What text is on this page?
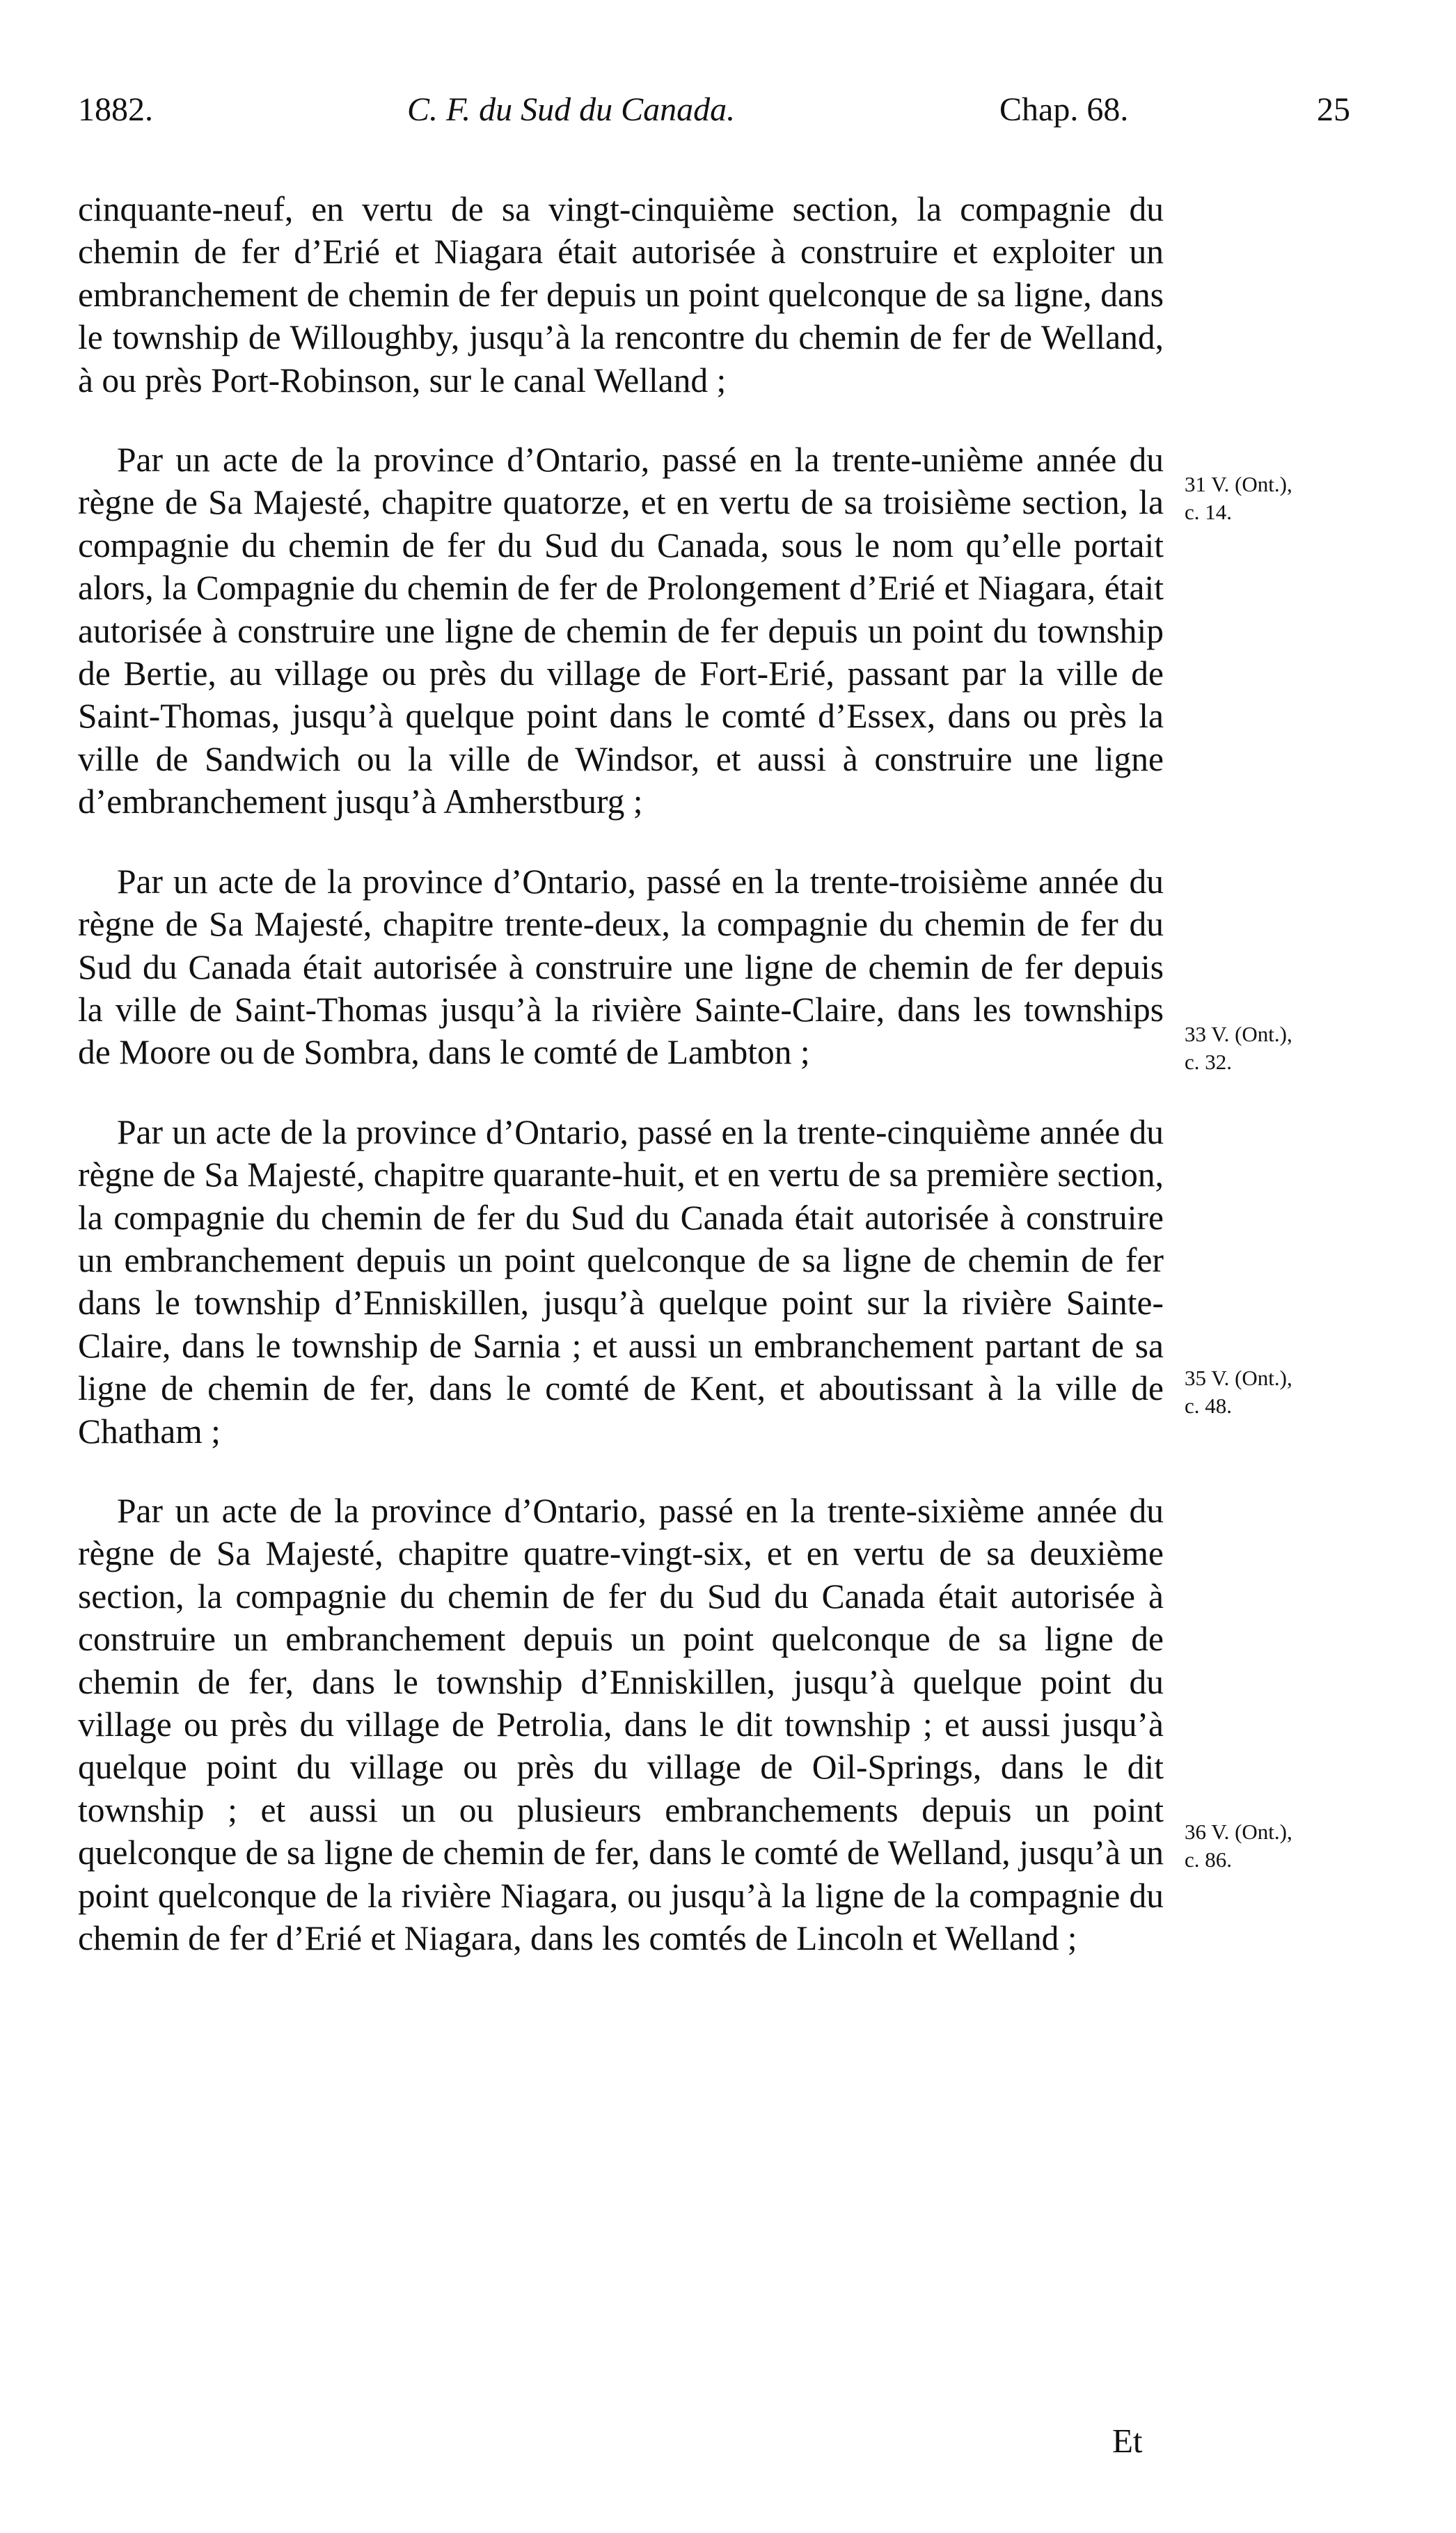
1882.	C. F. du Sud du Canada.	Chap. 68.	25

cinquante-neuf, en vertu de sa vingt-cinquième section, la compagnie du chemin de fer d’Erié et Niagara était autorisée à construire et exploiter un embranchement de chemin de fer depuis un point quelconque de sa ligne, dans le township de Willoughby, jusqu’à la rencontre du chemin de fer de Welland, à ou près Port-Robinson, sur le canal Welland ;

Par un acte de la province d’Ontario, passé en la trente-unième année du règne de Sa Majesté, chapitre quatorze, et en vertu de sa troisième section, la compagnie du chemin de fer du Sud du Canada, sous le nom qu’elle portait alors, la Compagnie du chemin de fer de Prolongement d’Erié et Niagara, était autorisée à construire une ligne de chemin de fer depuis un point du township de Bertie, au village ou près du village de Fort-Erié, passant par la ville de Saint-Thomas, jusqu’à quelque point dans le comté d’Essex, dans ou près la ville de Sandwich ou la ville de Windsor, et aussi à construire une ligne d’embranchement jusqu’à Amherstburg ;

Par un acte de la province d’Ontario, passé en la trente-troisième année du règne de Sa Majesté, chapitre trente-deux, la compagnie du chemin de fer du Sud du Canada était autorisée à construire une ligne de chemin de fer depuis la ville de Saint-Thomas jusqu’à la rivière Sainte-Claire, dans les townships de Moore ou de Sombra, dans le comté de Lambton ;

Par un acte de la province d’Ontario, passé en la trente-cinquième année du règne de Sa Majesté, chapitre quarante-huit, et en vertu de sa première section, la compagnie du chemin de fer du Sud du Canada était autorisée à construire un embranchement depuis un point quelconque de sa ligne de chemin de fer dans le township d’Enniskillen, jusqu’à quelque point sur la rivière Sainte-Claire, dans le township de Sarnia ; et aussi un embranchement partant de sa ligne de chemin de fer, dans le comté de Kent, et aboutissant à la ville de Chatham ;

Par un acte de la province d’Ontario, passé en la trente-sixième année du règne de Sa Majesté, chapitre quatre-vingt-six, et en vertu de sa deuxième section, la compagnie du chemin de fer du Sud du Canada était autorisée à construire un embranchement depuis un point quelconque de sa ligne de chemin de fer, dans le township d’Enniskillen, jusqu’à quelque point du village ou près du village de Petrolia, dans le dit township ; et aussi jusqu’à quelque point du village ou près du village de Oil-Springs, dans le dit township ; et aussi un ou plusieurs embranchements depuis un point quelconque de sa ligne de chemin de fer, dans le comté de Welland, jusqu’à un point quelconque de la rivière Niagara, ou jusqu’à la ligne de la compagnie du chemin de fer d’Erié et Niagara, dans les comtés de Lincoln et Welland ;

31 V. (Ont.),
c. 14.
33 V. (Ont.),
c. 32.
35 V. (Ont.),
c. 48.
36 V. (Ont.),
c. 86.
Et
